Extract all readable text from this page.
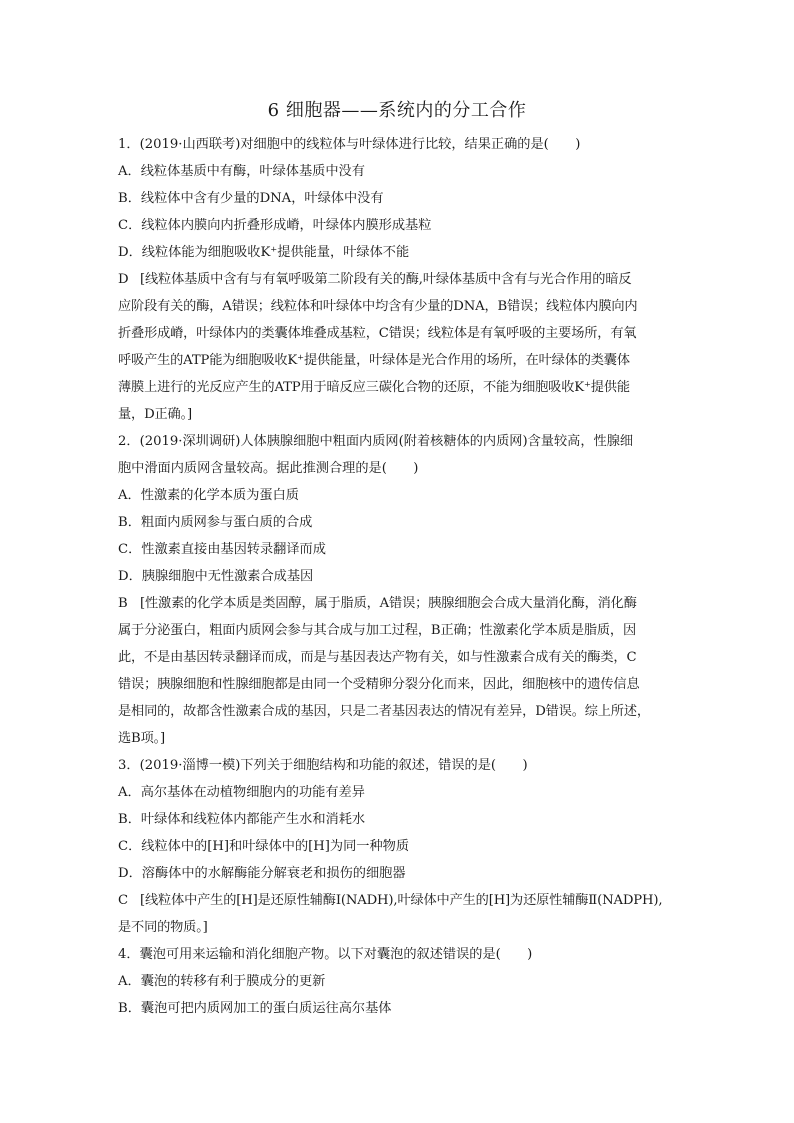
6 细胞器——系统内的分工合作
1．(2019·山西联考)对细胞中的线粒体与叶绿体进行比较，结果正确的是(　　)
A．线粒体基质中有酶，叶绿体基质中没有
B．线粒体中含有少量的DNA，叶绿体中没有
C．线粒体内膜向内折叠形成嵴，叶绿体内膜形成基粒
D．线粒体能为细胞吸收K⁺提供能量，叶绿体不能
D [线粒体基质中含有与有氧呼吸第二阶段有关的酶,叶绿体基质中含有与光合作用的暗反
应阶段有关的酶，A错误；线粒体和叶绿体中均含有少量的DNA，B错误；线粒体内膜向内
折叠形成嵴，叶绿体内的类囊体堆叠成基粒，C错误；线粒体是有氧呼吸的主要场所，有氧
呼吸产生的ATP能为细胞吸收K⁺提供能量，叶绿体是光合作用的场所，在叶绿体的类囊体
薄膜上进行的光反应产生的ATP用于暗反应三碳化合物的还原，不能为细胞吸收K⁺提供能
量，D正确。]
2．(2019·深圳调研)人体胰腺细胞中粗面内质网(附着核糖体的内质网)含量较高，性腺细
胞中滑面内质网含量较高。据此推测合理的是(　　)
A．性激素的化学本质为蛋白质
B．粗面内质网参与蛋白质的合成
C．性激素直接由基因转录翻译而成
D．胰腺细胞中无性激素合成基因
B [性激素的化学本质是类固醇，属于脂质，A错误；胰腺细胞会合成大量消化酶，消化酶
属于分泌蛋白，粗面内质网会参与其合成与加工过程，B正确；性激素化学本质是脂质，因
此，不是由基因转录翻译而成，而是与基因表达产物有关，如与性激素合成有关的酶类，C
错误；胰腺细胞和性腺细胞都是由同一个受精卵分裂分化而来，因此，细胞核中的遗传信息
是相同的，故都含性激素合成的基因，只是二者基因表达的情况有差异，D错误。综上所述，
选B项。]
3．(2019·淄博一模)下列关于细胞结构和功能的叙述，错误的是(　　)
A．高尔基体在动植物细胞内的功能有差异
B．叶绿体和线粒体内都能产生水和消耗水
C．线粒体中的[H]和叶绿体中的[H]为同一种物质
D．溶酶体中的水解酶能分解衰老和损伤的细胞器
C [线粒体中产生的[H]是还原性辅酶Ⅰ(NADH),叶绿体中产生的[H]为还原性辅酶Ⅱ(NADPH),
是不同的物质。]
4．囊泡可用来运输和消化细胞产物。以下对囊泡的叙述错误的是(　　)
A．囊泡的转移有利于膜成分的更新
B．囊泡可把内质网加工的蛋白质运往高尔基体
